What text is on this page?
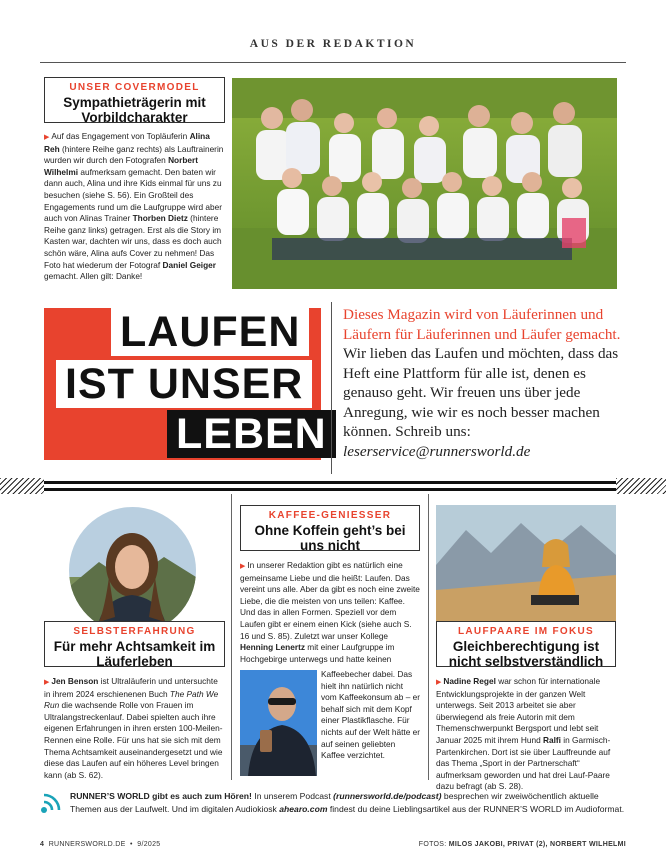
AUS DER REDAKTION
UNSER COVERMODEL
Sympathieträgerin mit Vorbildcharakter
▶ Auf das Engagement von Topläuferin Alina Reh (hintere Reihe ganz rechts) als Lauftrainerin wurden wir durch den Fotografen Norbert Wilhelmi aufmerksam gemacht. Den baten wir dann auch, Alina und ihre Kids einmal für uns zu besuchen (siehe S. 56). Ein Großteil des Engagements rund um die Laufgruppe wird aber auch von Alinas Trainer Thorben Dietz (hintere Reihe ganz links) getragen. Erst als die Story im Kasten war, dachten wir uns, dass es doch auch schön wäre, Alina aufs Cover zu nehmen! Das Foto hat wiederum der Fotograf Daniel Geiger gemacht. Allen gilt: Danke!
LAUFEN
IST UNSER
LEBEN
Dieses Magazin wird von Läuferinnen und Läufern für Läuferinnen und Läufer gemacht. Wir lieben das Laufen und möchten, dass das Heft eine Plattform für alle ist, denen es genauso geht. Wir freuen uns über jede Anregung, wie wir es noch besser machen können. Schreib uns:
leserservice@runnersworld.de
SELBSTERFAHRUNG
Für mehr Achtsamkeit im Läuferleben
▶ Jen Benson ist Ultraläuferin und untersuchte in ihrem 2024 erschienenen Buch The Path We Run die wachsende Rolle von Frauen im Ultralangstreckenlauf. Dabei spielten auch ihre eigenen Erfahrungen in ihren ersten 100-Meilen-Rennen eine Rolle. Für uns hat sie sich mit dem Thema Achtsamkeit auseinandergesetzt und wie diese das Laufen auf ein höheres Level bringen kann (ab S. 62).
KAFFEE-GENIESSER
Ohne Koffein geht’s bei uns nicht
▶ In unserer Redaktion gibt es natürlich eine gemeinsame Liebe und die heißt: Laufen. Das vereint uns alle. Aber da gibt es noch eine zweite Liebe, die die meisten von uns teilen: Kaffee. Und das in allen Formen. Speziell vor dem Laufen gibt er einem einen Kick (siehe auch S. 16 und S. 85). Zuletzt war unser Kollege Henning Lenertz mit einer Laufgruppe im Hochgebirge unterwegs und hatte keinen
Kaffeebecher dabei. Das hielt ihn natürlich nicht vom Kaffeekonsum ab – er behalf sich mit dem Kopf einer Plastikflasche. Für nichts auf der Welt hätte er auf seinen geliebten Kaffee verzichtet.
LAUFPAARE IM FOKUS
Gleichberechtigung ist nicht selbstverständlich
▶ Nadine Regel war schon für internationale Entwicklungsprojekte in der ganzen Welt unterwegs. Seit 2013 arbeitet sie aber überwiegend als freie Autorin mit dem Themenschwerpunkt Bergsport und lebt seit Januar 2025 mit ihrem Hund Ralfi in Garmisch-Partenkirchen. Dort ist sie über Lauffreunde auf das Thema „Sport in der Partnerschaft“ aufmerksam geworden und hat drei Lauf-Paare dazu befragt (ab S. 28).
RUNNER’S WORLD gibt es auch zum Hören! In unserem Podcast (runnersworld.de/podcast) besprechen wir zweiwöchentlich aktuelle Themen aus der Laufwelt. Und im digitalen Audiokiosk ahearo.com findest du deine Lieblingsartikel aus der RUNNER’S WORLD im Audioformat.
4 RUNNERSWORLD.DE  •  9/2025	FOTOS: MILOS JAKOBI, PRIVAT (2), NORBERT WILHELMI
